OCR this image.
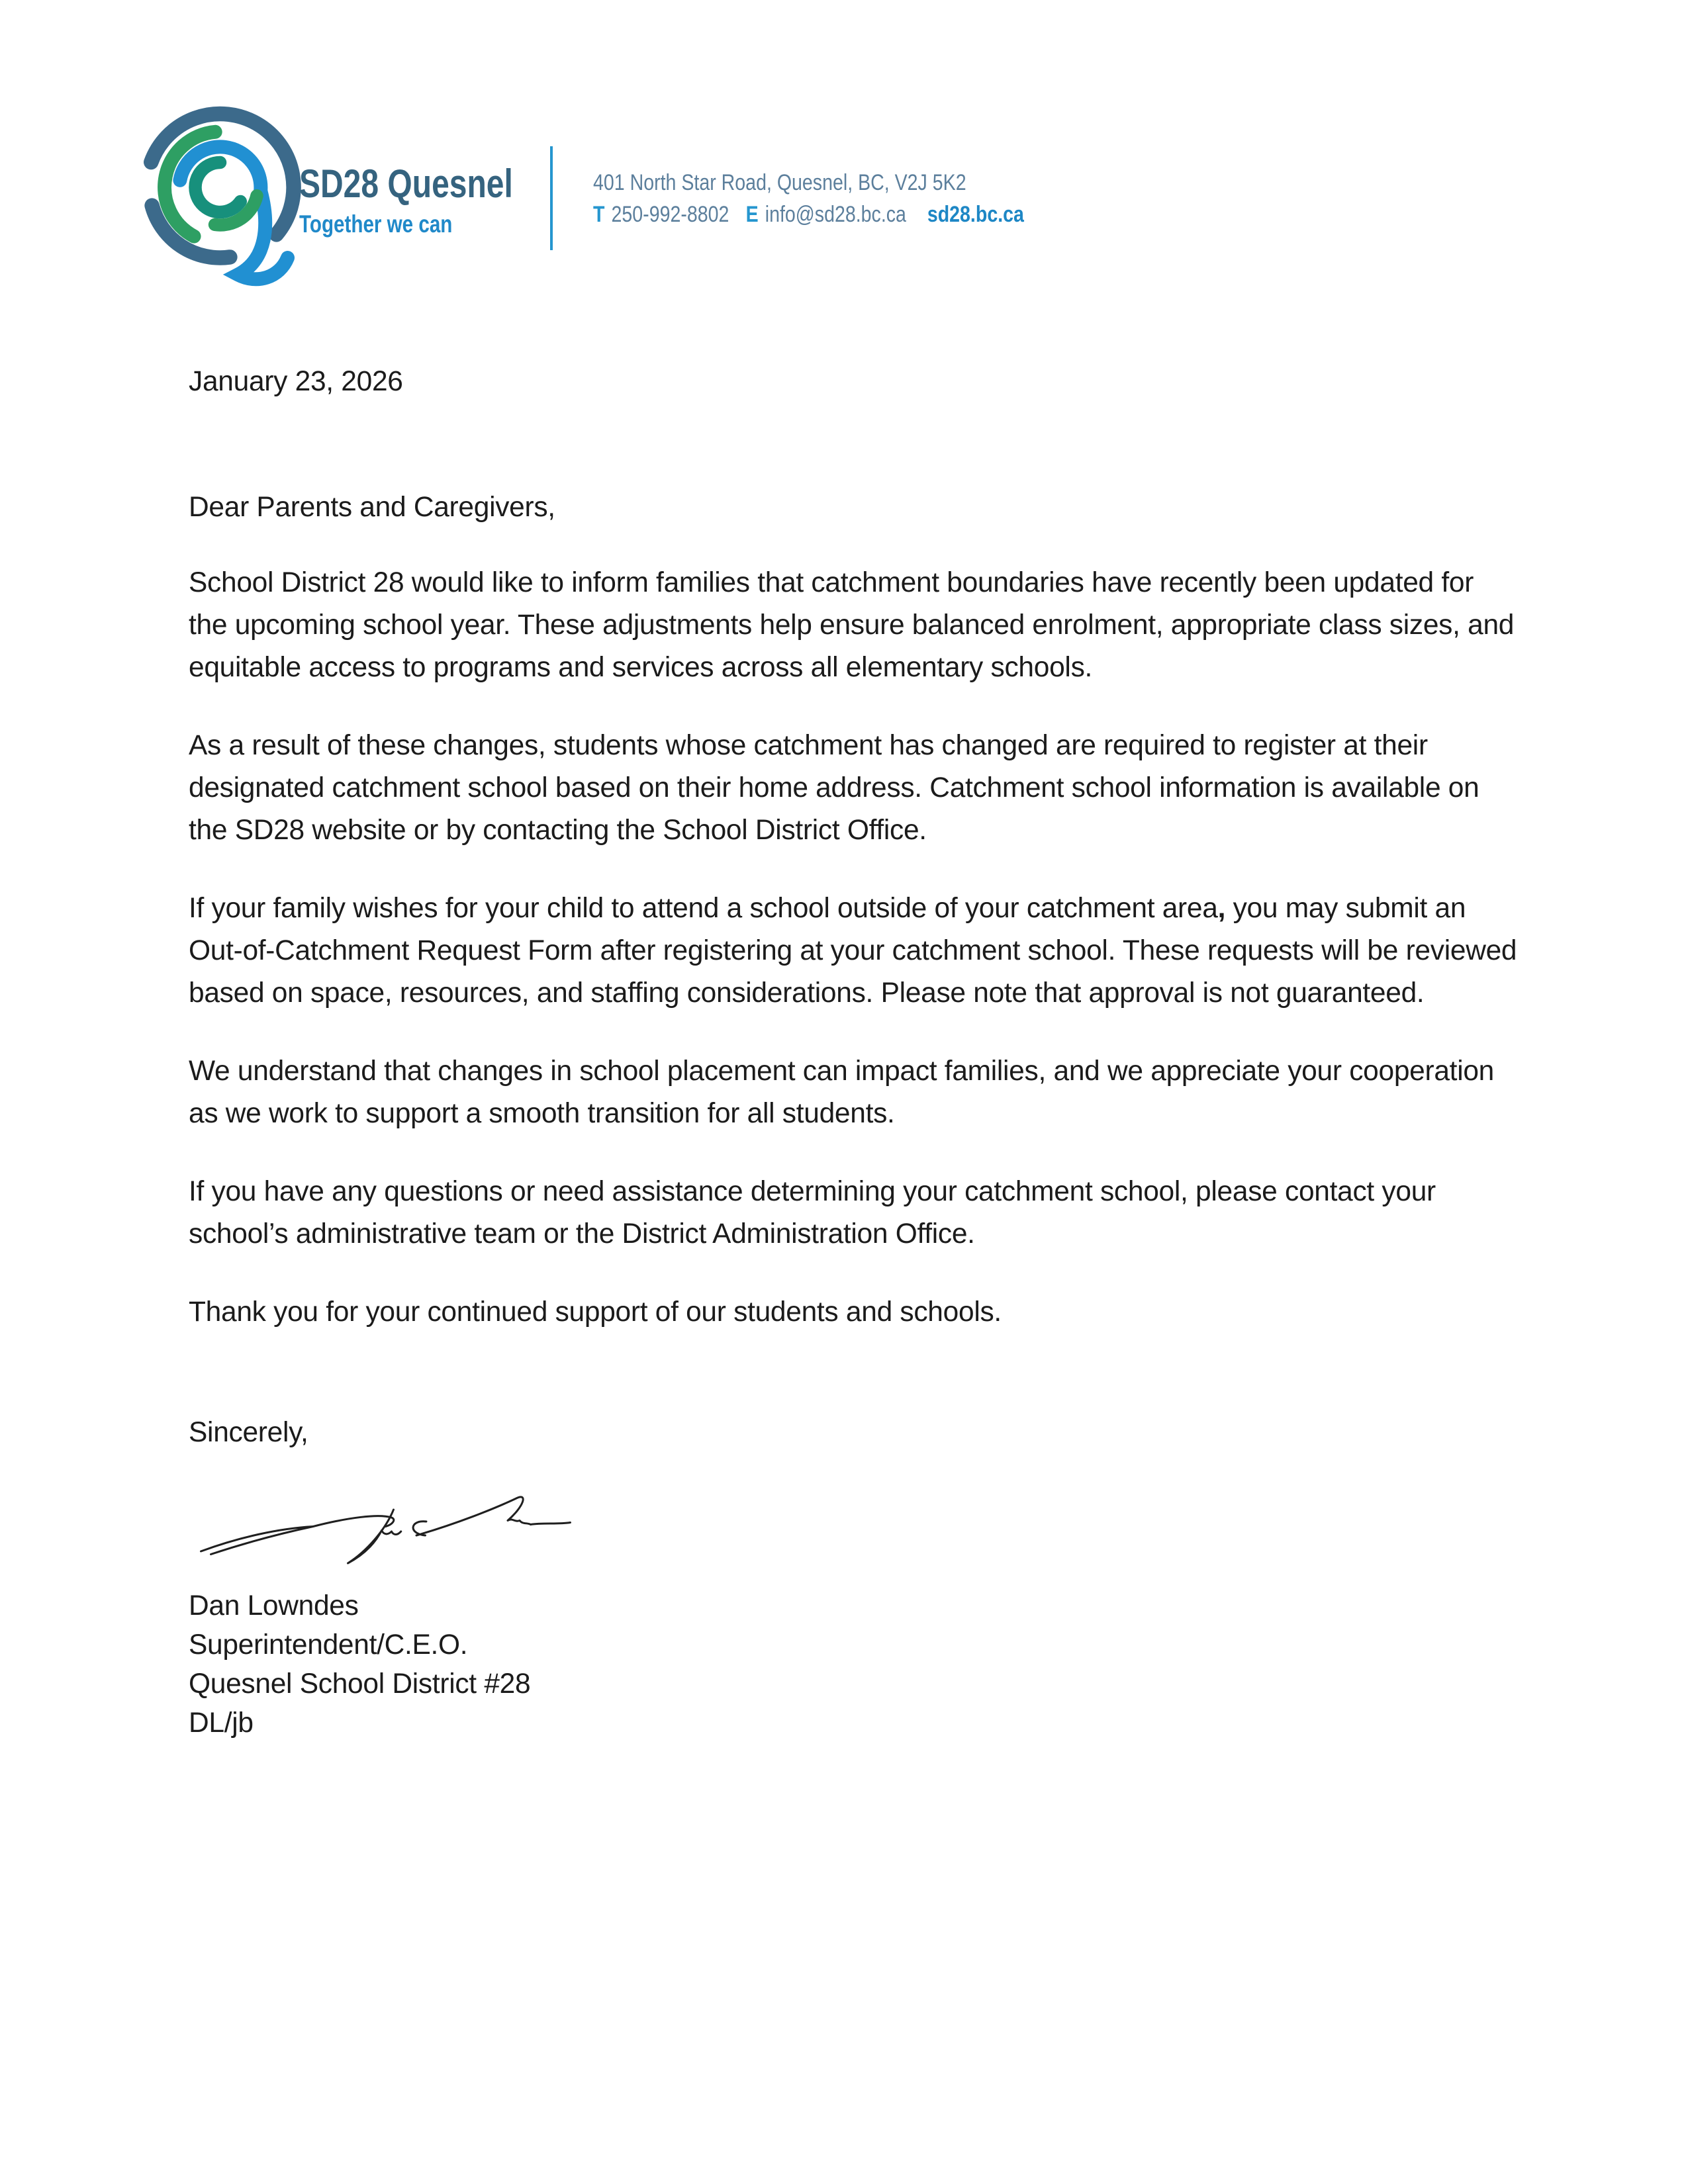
SD28 Quesnel

Together we can

401 North Star Road, Quesnel, BC, V2J 5K2
T 250-992-8802 E info@sd28.bc.ca sd28.bc.ca

January 23, 2026

Dear Parents and Caregivers,

School District 28 would like to inform families that catchment boundaries have recently been updated for the upcoming school year. These adjustments help ensure balanced enrolment, appropriate class sizes, and equitable access to programs and services across all elementary schools.

As a result of these changes, students whose catchment has changed are required to register at their designated catchment school based on their home address. Catchment school information is available on the SD28 website or by contacting the School District Office.

If your family wishes for your child to attend a school outside of your catchment area, you may submit an Out-of-Catchment Request Form after registering at your catchment school. These requests will be reviewed based on space, resources, and staffing considerations. Please note that approval is not guaranteed.

We understand that changes in school placement can impact families, and we appreciate your cooperation as we work to support a smooth transition for all students.

If you have any questions or need assistance determining your catchment school, please contact your school’s administrative team or the District Administration Office.

Thank you for your continued support of our students and schools.

Sincerely,

Dan Lowndes

Superintendent/C.E.O.

Quesnel School District #28

DL/jb
